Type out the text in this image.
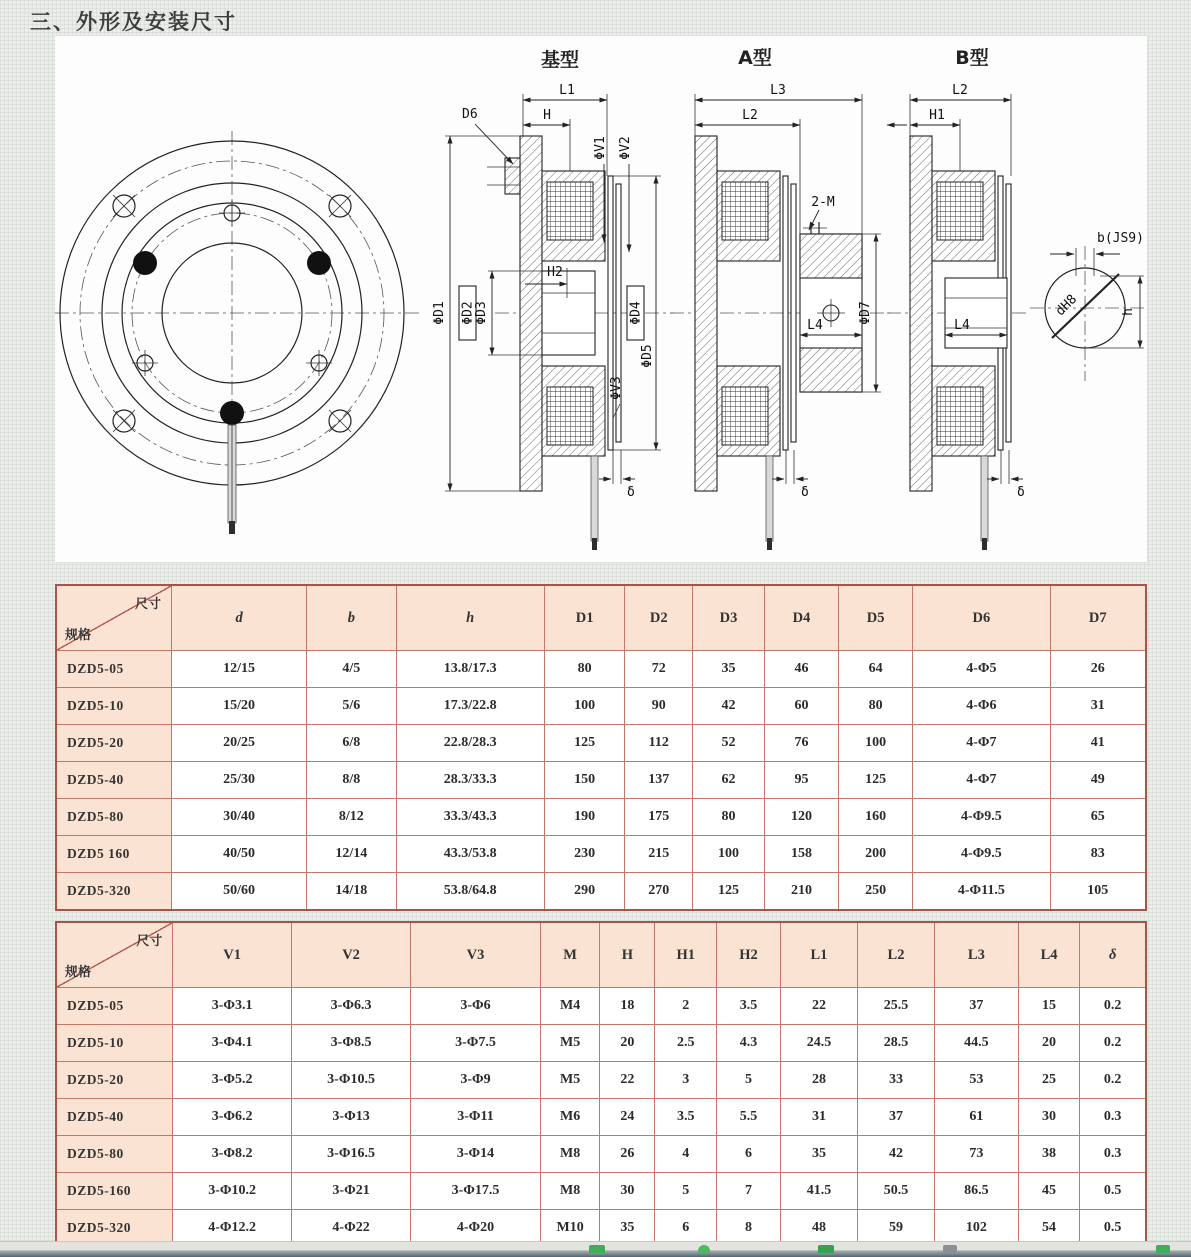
三、外形及安装尺寸
基型
L1
H
D6
ΦV1 ΦV2
H2
ΦD1 ΦD2
ΦD3	ΦD4
ΦD5
ΦV3
δ
A型
L3
L2
2-M
L4
ΦD7
δ
B型
L2
H1
L4
δ
b(JS9)
dH8	h
尺寸
规格	d	b	h	D1	D2	D3	D4	D5	D6	D7
DZD5-05	12/15	4/5	13.8/17.3	80	72	35	46	64	4-Φ5	26
DZD5-10	15/20	5/6	17.3/22.8	100	90	42	60	80	4-Φ6	31
DZD5-20	20/25	6/8	22.8/28.3	125	112	52	76	100	4-Φ7	41
DZD5-40	25/30	8/8	28.3/33.3	150	137	62	95	125	4-Φ7	49
DZD5-80	30/40	8/12	33.3/43.3	190	175	80	120	160	4-Φ9.5	65
DZD5 160	40/50	12/14	43.3/53.8	230	215	100	158	200	4-Φ9.5	83
DZD5-320	50/60	14/18	53.8/64.8	290	270	125	210	250	4-Φ11.5	105
尺寸
规格	V1	V2	V3	M	H	H1	H2	L1	L2	L3	L4	δ
DZD5-05	3-Φ3.1	3-Φ6.3	3-Φ6	M4	18	2	3.5	22	25.5	37	15	0.2
DZD5-10	3-Φ4.1	3-Φ8.5	3-Φ7.5	M5	20	2.5	4.3	24.5	28.5	44.5	20	0.2
DZD5-20	3-Φ5.2	3-Φ10.5	3-Φ9	M5	22	3	5	28	33	53	25	0.2
DZD5-40	3-Φ6.2	3-Φ13	3-Φ11	M6	24	3.5	5.5	31	37	61	30	0.3
DZD5-80	3-Φ8.2	3-Φ16.5	3-Φ14	M8	26	4	6	35	42	73	38	0.3
DZD5-160	3-Φ10.2	3-Φ21	3-Φ17.5	M8	30	5	7	41.5	50.5	86.5	45	0.5
DZD5-320	4-Φ12.2	4-Φ22	4-Φ20	M10	35	6	8	48	59	102	54	0.5
